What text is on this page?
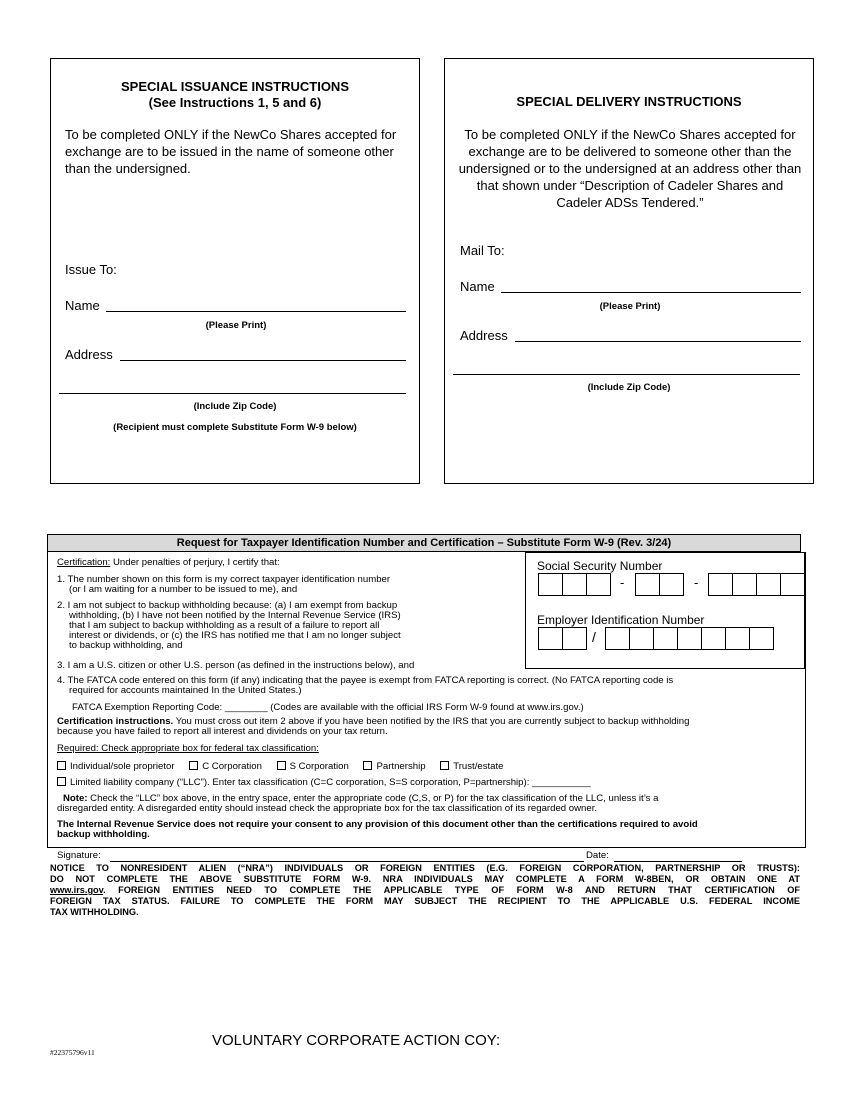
SPECIAL ISSUANCE INSTRUCTIONS
(See Instructions 1, 5 and 6)
To be completed ONLY if the NewCo Shares accepted for exchange are to be issued in the name of someone other than the undersigned.
Issue To:
Name
(Please Print)
Address
(Include Zip Code)
(Recipient must complete Substitute Form W-9 below)
SPECIAL DELIVERY INSTRUCTIONS
To be completed ONLY if the NewCo Shares accepted for exchange are to be delivered to someone other than the undersigned or to the undersigned at an address other than that shown under “Description of Cadeler Shares and Cadeler ADSs Tendered.”
Mail To:
Name
(Please Print)
Address
(Include Zip Code)
Request for Taxpayer Identification Number and Certification – Substitute Form W-9 (Rev. 3/24)
Social Security Number
-	-
Employer Identification Number
/
Certification: Under penalties of perjury, I certify that:
1. The number shown on this form is my correct taxpayer identification number
(or I am waiting for a number to be issued to me), and
2. I am not subject to backup withholding because: (a) I am exempt from backup
withholding, (b) I have not been notified by the Internal Revenue Service (IRS)
that I am subject to backup withholding as a result of a failure to report all
interest or dividends, or (c) the IRS has notified me that I am no longer subject
to backup withholding, and
3. I am a U.S. citizen or other U.S. person (as defined in the instructions below), and
4. The FATCA code entered on this form (if any) indicating that the payee is exempt from FATCA reporting is correct. (No FATCA reporting code is
required for accounts maintained In the United States.)
FATCA Exemption Reporting Code: ________ (Codes are available with the official IRS Form W-9 found at www.irs.gov.)
Certification instructions. You must cross out item 2 above if you have been notified by the IRS that you are currently subject to backup withholding
because you have failed to report all interest and dividends on your tax return.
Required: Check appropriate box for federal tax classification:
Individual/sole proprietor	C Corporation	S Corporation	Partnership	Trust/estate
Limited liability company (“LLC”). Enter tax classification (C=C corporation, S=S corporation, P=partnership): ___________
Note: Check the “LLC” box above, in the entry space, enter the appropriate code (C,S, or P) for the tax classification of the LLC, unless it’s a
disregarded entity. A disregarded entity should instead check the appropriate box for the tax classification of its regarded owner.
The Internal Revenue Service does not require your consent to any provision of this document other than the certifications required to avoid
backup withholding.
Signature:	Date:
NOTICE TO NONRESIDENT ALIEN (“NRA”) INDIVIDUALS OR FOREIGN ENTITIES (E.G. FOREIGN CORPORATION, PARTNERSHIP OR TRUSTS):
DO NOT COMPLETE THE ABOVE SUBSTITUTE FORM W-9. NRA INDIVIDUALS MAY COMPLETE A FORM W-8BEN, OR OBTAIN ONE AT
www.irs.gov. FOREIGN ENTITIES NEED TO COMPLETE THE APPLICABLE TYPE OF FORM W-8 AND RETURN THAT CERTIFICATION OF
FOREIGN TAX STATUS. FAILURE TO COMPLETE THE FORM MAY SUBJECT THE RECIPIENT TO THE APPLICABLE U.S. FEDERAL INCOME
TAX WITHHOLDING.
VOLUNTARY CORPORATE ACTION COY:
#22375796v11
